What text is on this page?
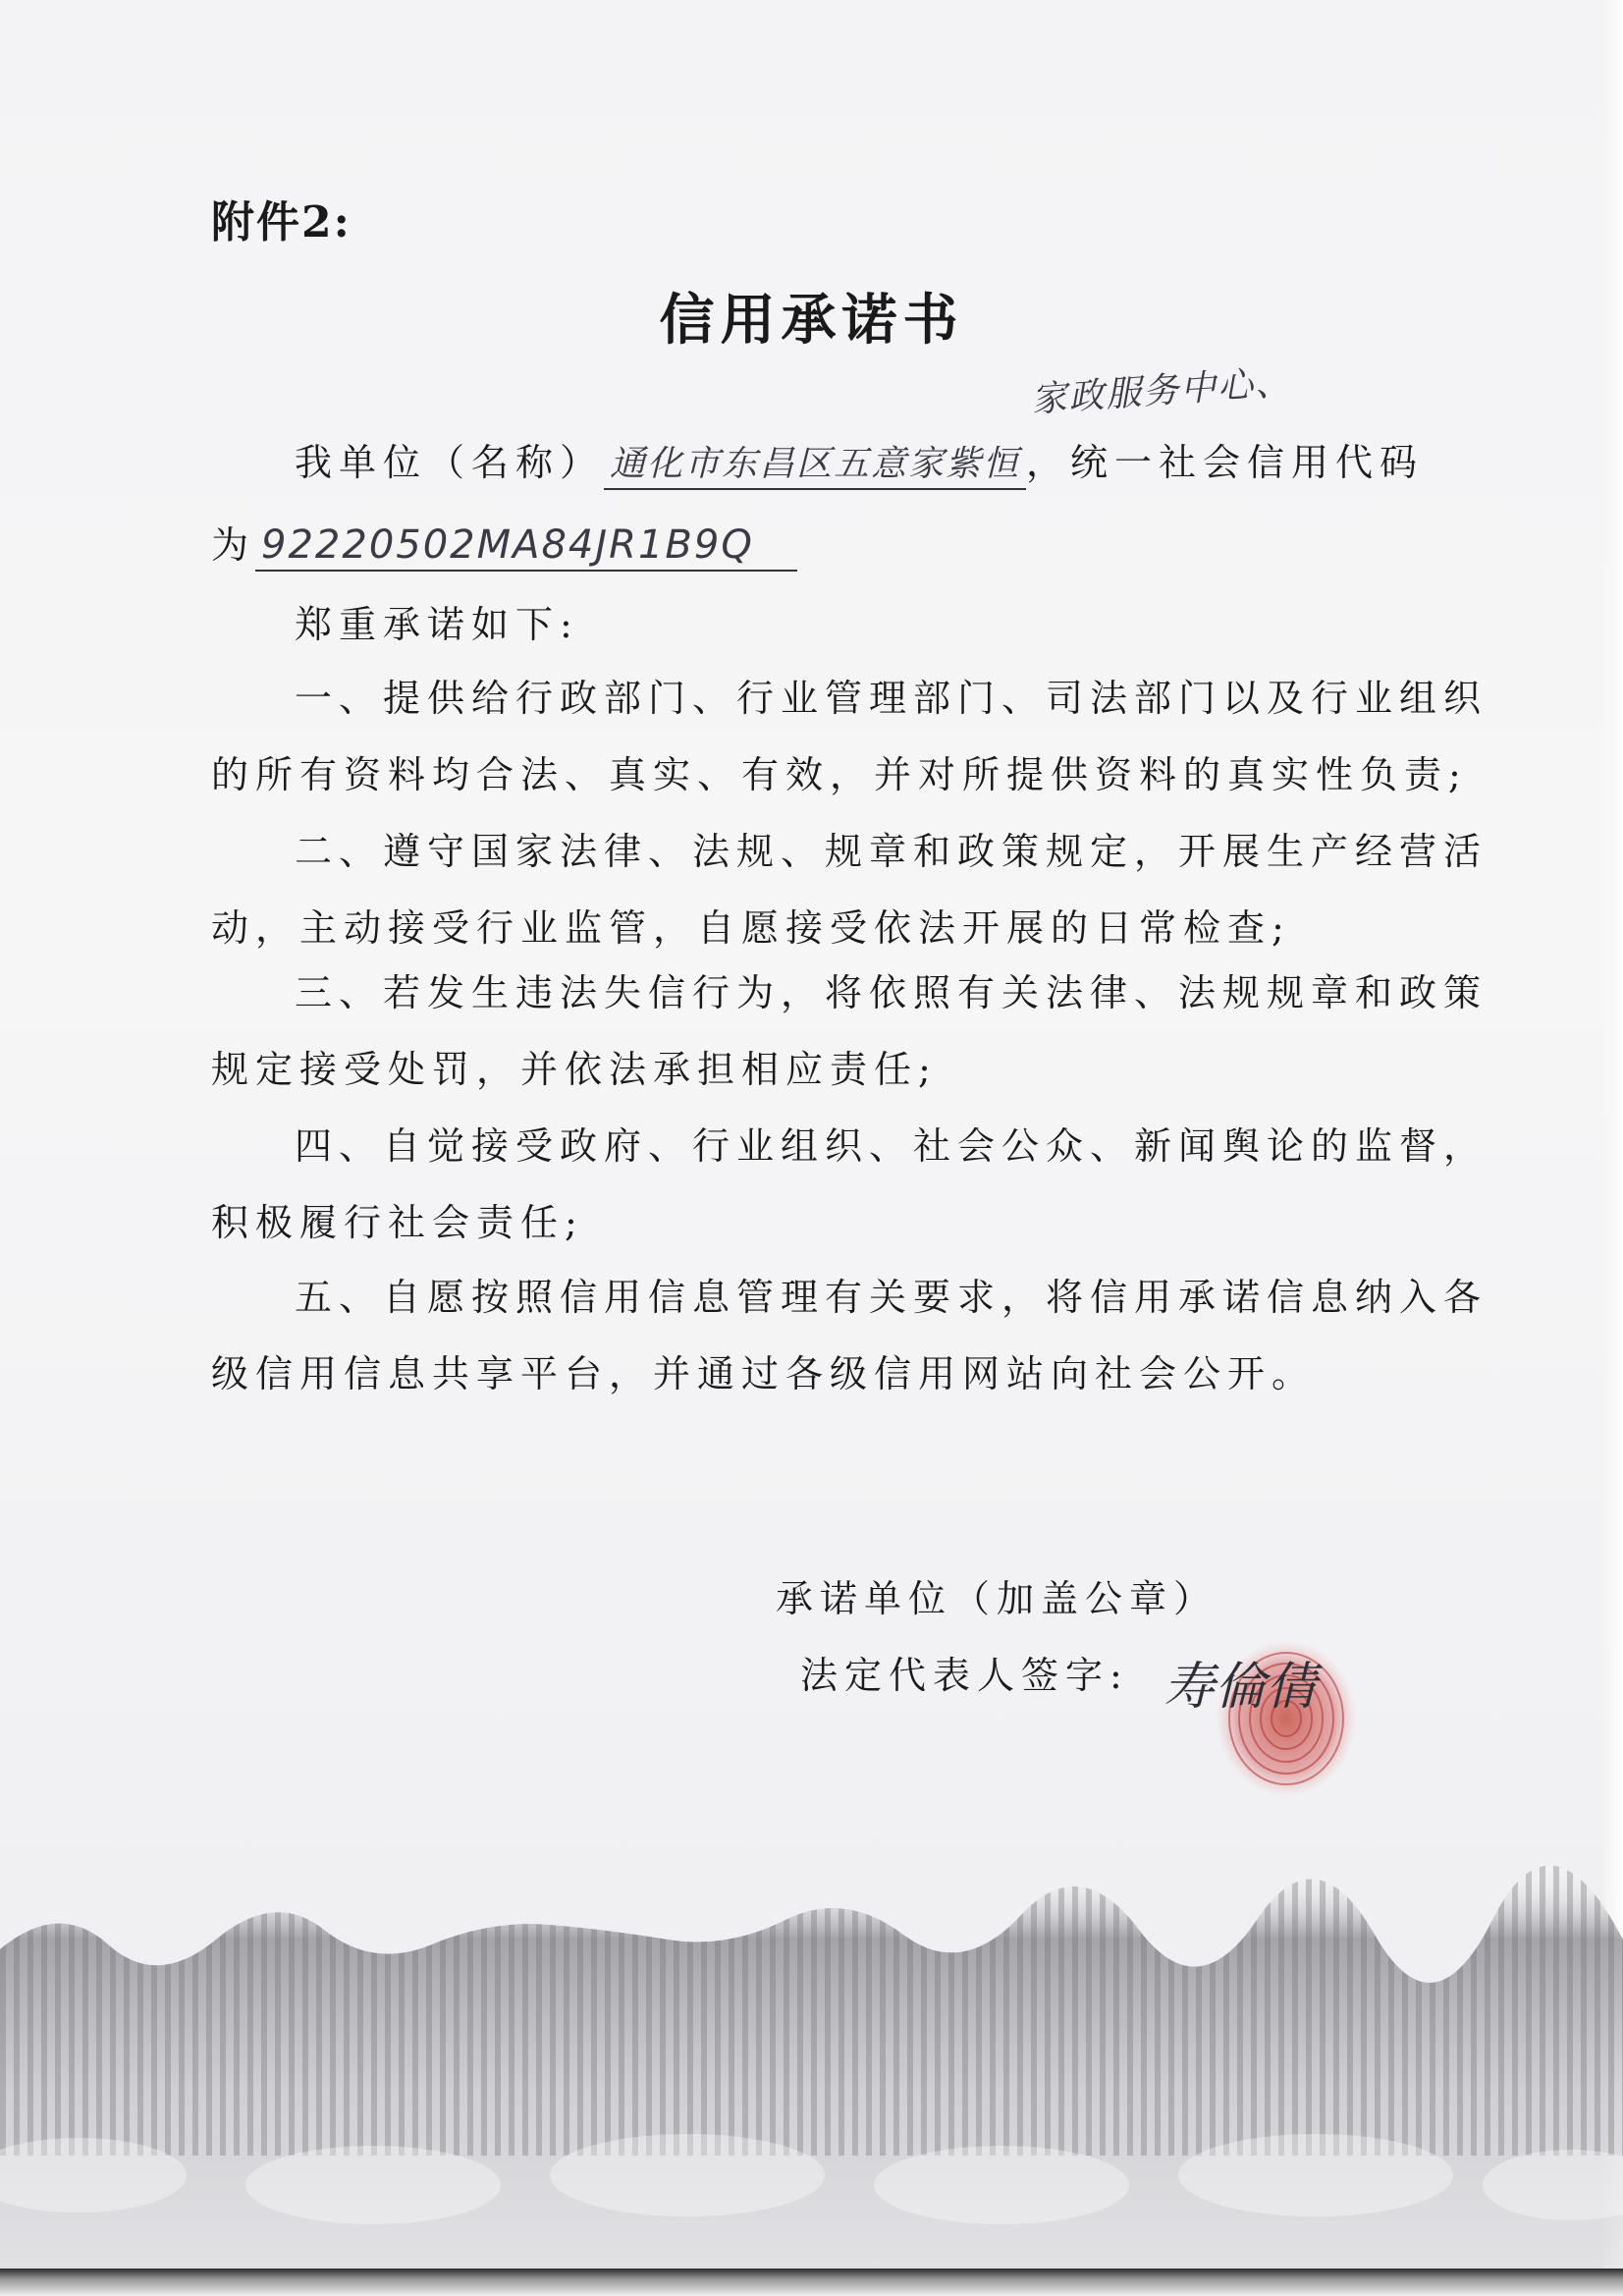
附件2:
信用承诺书
家政服务中心、
我单位（名称） 通化市东昌区五意家紫恒 ，统一社会信用代码
为 92220502MA84JR1B9Q
郑重承诺如下:
一、提供给行政部门、行业管理部门、司法部门以及行业组织
的所有资料均合法、真实、有效，并对所提供资料的真实性负责;
二、遵守国家法律、法规、规章和政策规定，开展生产经营活
动，主动接受行业监管，自愿接受依法开展的日常检查;
三、若发生违法失信行为，将依照有关法律、法规规章和政策
规定接受处罚，并依法承担相应责任;
四、自觉接受政府、行业组织、社会公众、新闻舆论的监督，
积极履行社会责任;
五、自愿按照信用信息管理有关要求，将信用承诺信息纳入各
级信用信息共享平台，并通过各级信用网站向社会公开。
承诺单位（加盖公章）
法定代表人签字: 寿倫倩
